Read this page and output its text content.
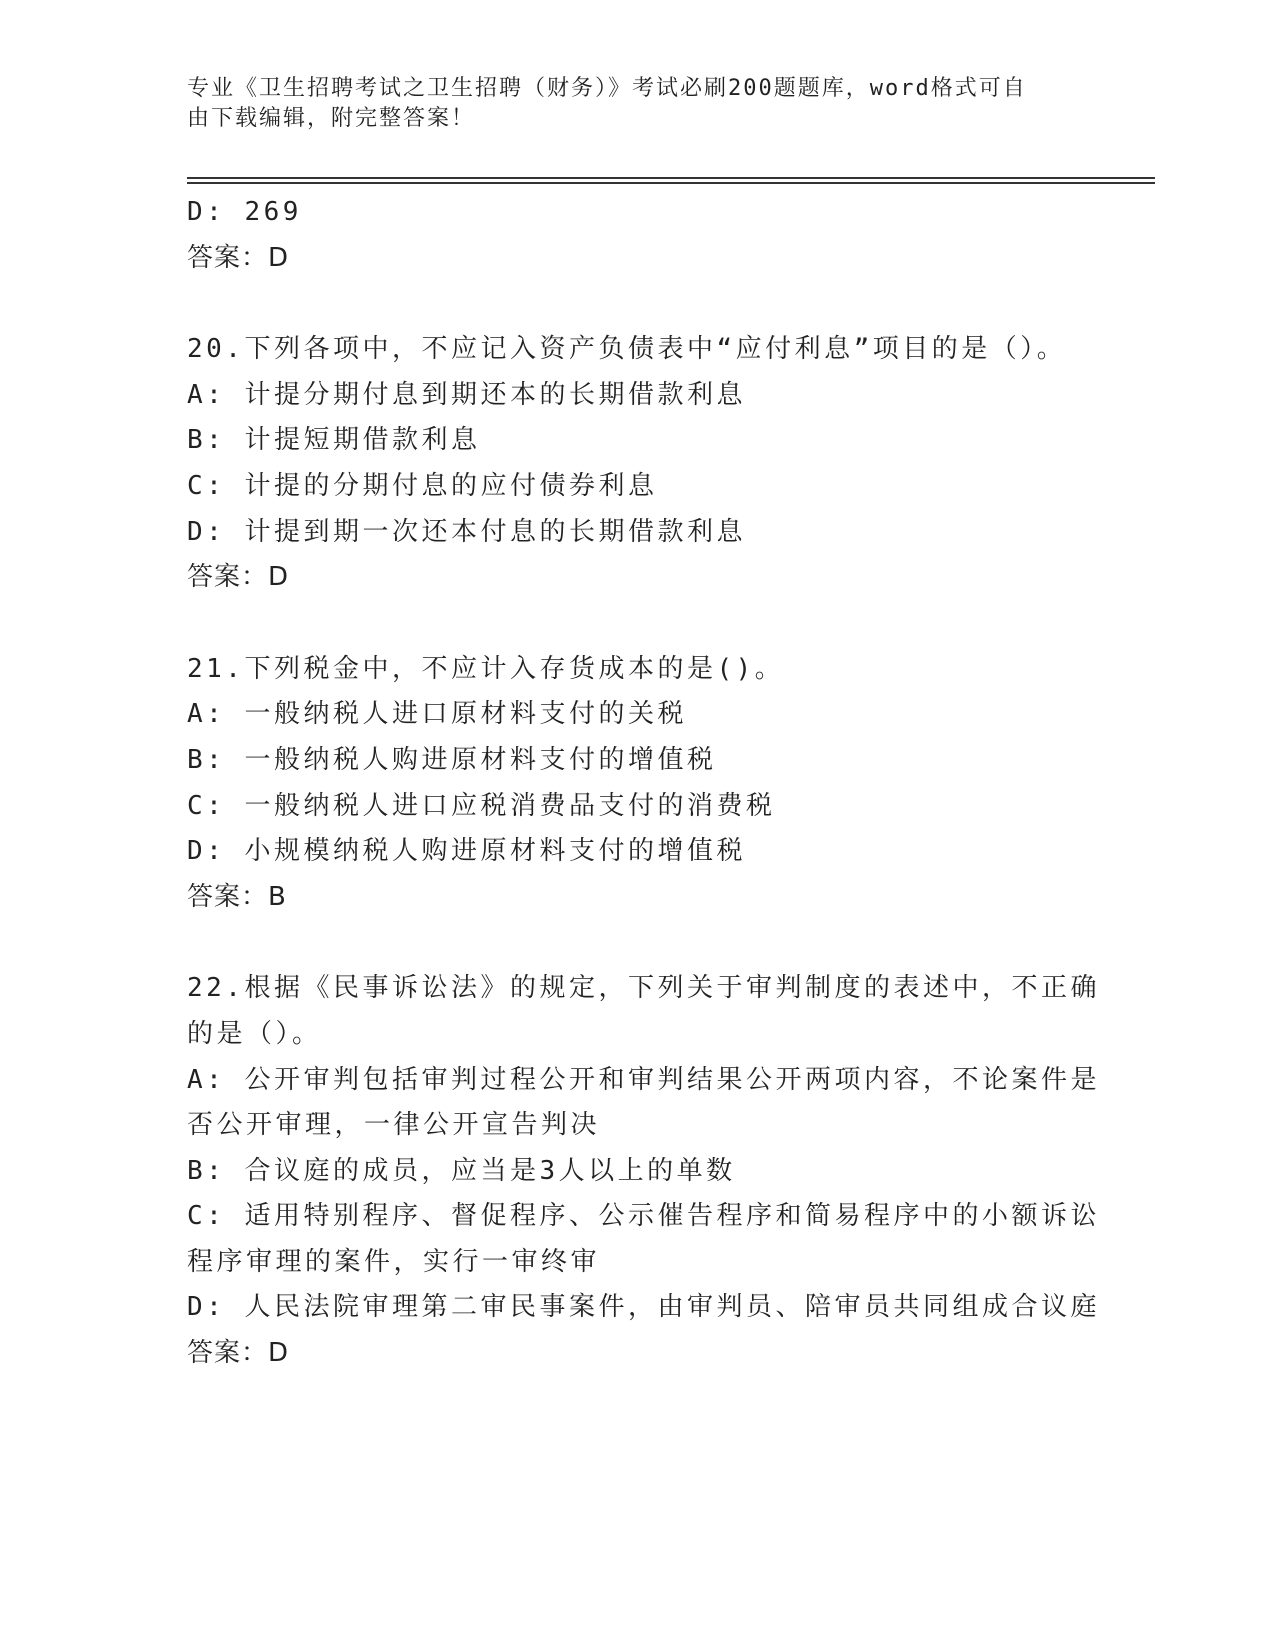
专业《卫生招聘考试之卫生招聘（财务）》考试必刷200题题库，word格式可自
由下载编辑，附完整答案！
D: 269
答案：D
20.下列各项中，不应记入资产负债表中“应付利息”项目的是（）。
A: 计提分期付息到期还本的长期借款利息
B: 计提短期借款利息
C: 计提的分期付息的应付债券利息
D: 计提到期一次还本付息的长期借款利息
答案：D
21.下列税金中，不应计入存货成本的是()。
A: 一般纳税人进口原材料支付的关税
B: 一般纳税人购进原材料支付的增值税
C: 一般纳税人进口应税消费品支付的消费税
D: 小规模纳税人购进原材料支付的增值税
答案：B
22.根据《民事诉讼法》的规定，下列关于审判制度的表述中，不正确
的是（）。
A: 公开审判包括审判过程公开和审判结果公开两项内容，不论案件是
否公开审理，一律公开宣告判决
B: 合议庭的成员，应当是3人以上的单数
C: 适用特别程序、督促程序、公示催告程序和简易程序中的小额诉讼
程序审理的案件，实行一审终审
D: 人民法院审理第二审民事案件，由审判员、陪审员共同组成合议庭
答案：D
